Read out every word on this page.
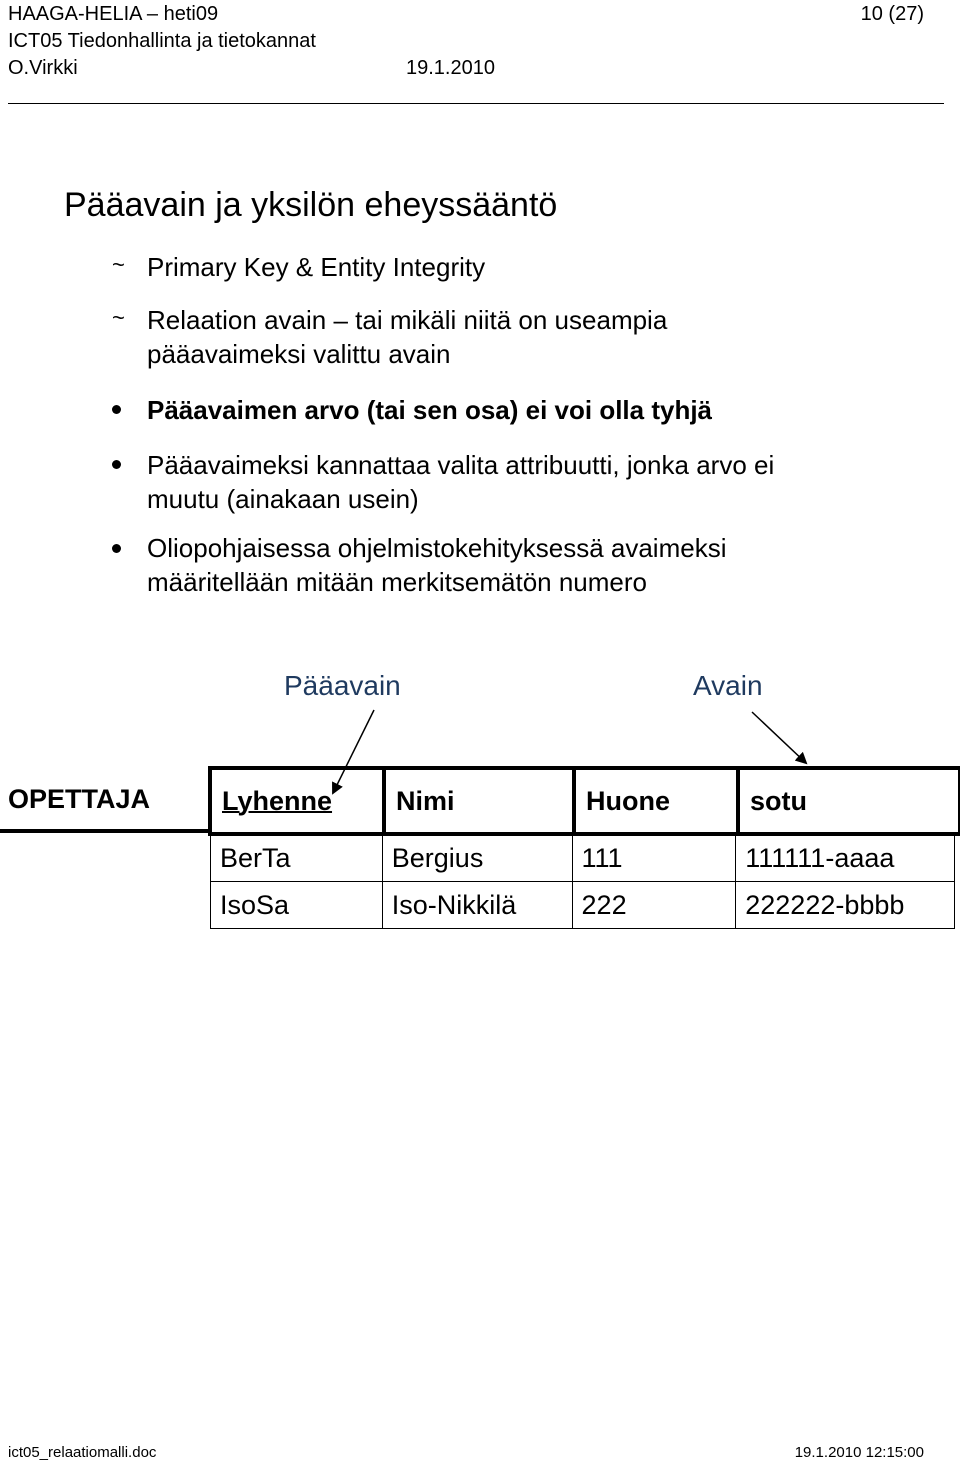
HAAGA-HELIA – heti09
ICT05 Tiedonhallinta ja tietokannat
O.Virkki	19.1.2010
10 (27)
Pääavain ja yksilön eheyssääntö
~ Primary Key & Entity Integrity
~ Relaation avain – tai mikäli niitä on useampia
pääavaimeksi valittu avain
Pääavaimen arvo (tai sen osa) ei voi olla tyhjä
Pääavaimeksi kannattaa valita attribuutti, jonka arvo ei
muutu (ainakaan usein)
Oliopohjaisessa ohjelmistokehityksessä avaimeksi
määritellään mitään merkitsemätön numero
Pääavain	Avain
OPETTAJA	Lyhenne	Nimi	Huone	sotu
BerTa	Bergius	111	111111-aaaa
IsoSa	Iso-Nikkilä	222	222222-bbbb
ict05_relaatiomalli.doc	19.1.2010 12:15:00
